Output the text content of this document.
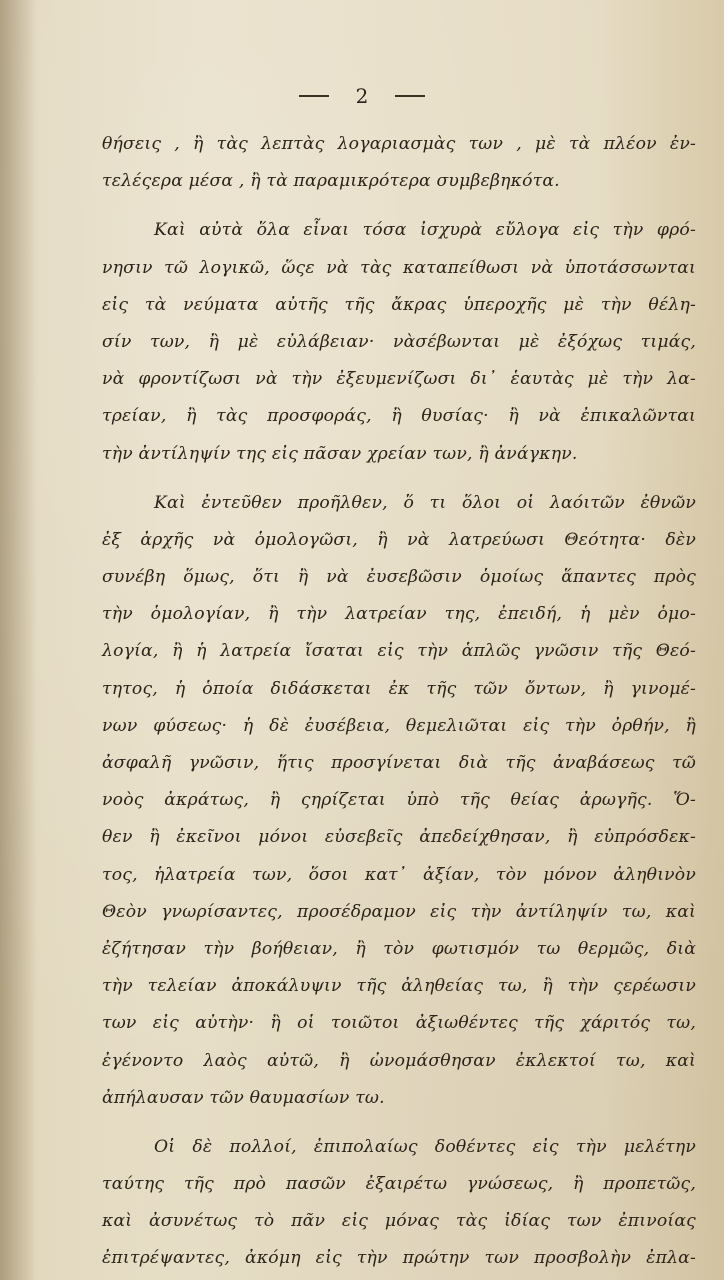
2
θήσεις , ἢ τὰς λεπτὰς λογαριασμὰς των , μὲ τὰ πλέον ἐν-
τελέςερα μέσα , ἢ τὰ παραμικρότερα συμβεβηκότα.
Καὶ αὐτὰ ὅλα εἶναι τόσα ἰσχυρὰ εὔλογα εἰς τὴν φρό-
νησιν τῶ λογικῶ, ὥςε νὰ τὰς καταπείθωσι νὰ ὑποτάσσωνται
εἰς τὰ νεύματα αὐτῆς τῆς ἄκρας ὑπεροχῆς μὲ τὴν θέλη-
σίν των, ἢ μὲ εὐλάβειαν· νὰσέβωνται μὲ ἐξόχως τιμάς,
νὰ φροντίζωσι νὰ τὴν ἐξευμενίζωσι δι᾽ ἑαυτὰς μὲ τὴν λα-
τρείαν, ἢ τὰς προσφοράς, ἢ θυσίας· ἢ νὰ ἐπικαλῶνται
τὴν ἀντίληψίν της εἰς πᾶσαν χρείαν των, ἢ ἀνάγκην.
Καὶ ἐντεῦθεν προῆλθεν, ὅ τι ὅλοι οἱ λαόιτῶν ἐθνῶν
ἐξ ἀρχῆς νὰ ὁμολογῶσι, ἢ νὰ λατρεύωσι Θεότητα· δὲν
συνέβη ὅμως, ὅτι ἢ νὰ ἐυσεβῶσιν ὁμοίως ἅπαντες πρὸς
τὴν ὁμολογίαν, ἢ τὴν λατρείαν της, ἐπειδή, ἡ μὲν ὁμο-
λογία, ἢ ἡ λατρεία ἴσαται εἰς τὴν ἁπλῶς γνῶσιν τῆς Θεό-
τητος, ἡ ὁποία διδάσκεται ἐκ τῆς τῶν ὄντων, ἢ γινομέ-
νων φύσεως· ἡ δὲ ἐυσέβεια, θεμελιῶται εἰς τὴν ὀρθήν, ἢ
ἀσφαλῆ γνῶσιν, ἥτις προσγίνεται διὰ τῆς ἀναβάσεως τῶ
νοὸς ἀκράτως, ἢ ςηρίζεται ὑπὸ τῆς θείας ἀρωγῆς. Ὅ-
θεν ἢ ἐκεῖνοι μόνοι εὐσεβεῖς ἀπεδείχθησαν, ἢ εὐπρόσδεκ-
τος, ἡλατρεία των, ὅσοι κατ᾽ ἀξίαν, τὸν μόνον ἀληθινὸν
Θεὸν γνωρίσαντες, προσέδραμον εἰς τὴν ἀντίληψίν τω, καὶ
ἐζήτησαν τὴν βοήθειαν, ἢ τὸν φωτισμόν τω θερμῶς, διὰ
τὴν τελείαν ἀποκάλυψιν τῆς ἀληθείας τω, ἢ τὴν ςερέωσιν
των εἰς αὐτὴν· ἢ οἱ τοιῶτοι ἀξιωθέντες τῆς χάριτός τω,
ἐγένοντο λαὸς αὐτῶ, ἢ ὠνομάσθησαν ἐκλεκτοί τω, καὶ
ἀπήλαυσαν τῶν θαυμασίων τω.
Οἱ δὲ πολλοί, ἐπιπολαίως δοθέντες εἰς τὴν μελέτην
ταύτης τῆς πρὸ πασῶν ἐξαιρέτω γνώσεως, ἢ προπετῶς,
καὶ ἀσυνέτως τὸ πᾶν εἰς μόνας τὰς ἰδίας των ἐπινοίας
ἐπιτρέψαντες, ἀκόμη εἰς τὴν πρώτην των προσβολὴν ἐπλα-
